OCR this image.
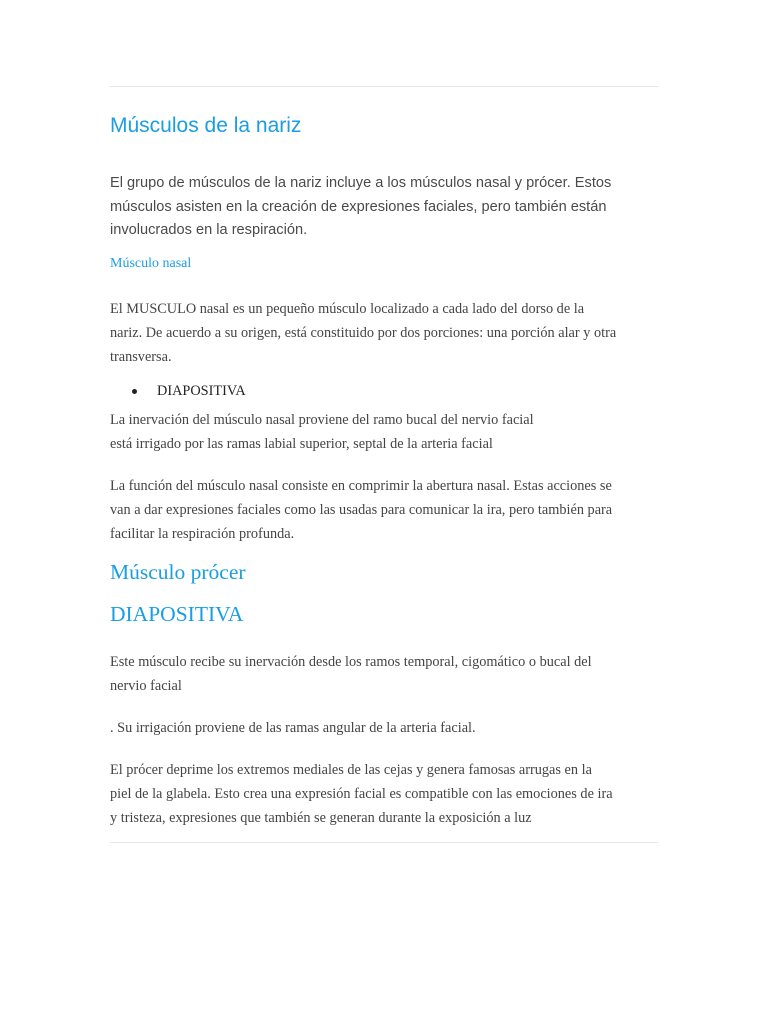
Músculos de la nariz

El grupo de músculos de la nariz incluye a los músculos nasal y prócer. Estos
músculos asisten en la creación de expresiones faciales, pero también están
involucrados en la respiración.

Músculo nasal

El MUSCULO nasal es un pequeño músculo localizado a cada lado del dorso de la
nariz. De acuerdo a su origen, está constituido por dos porciones: una porción alar y otra
transversa.

DIAPOSITIVA

La inervación del músculo nasal proviene del ramo bucal del nervio facial
está irrigado por las ramas labial superior, septal de la arteria facial

La función del músculo nasal consiste en comprimir la abertura nasal. Estas acciones se
van a dar expresiones faciales como las usadas para comunicar la ira, pero también para
facilitar la respiración profunda.

Músculo prócer
DIAPOSITIVA

Este músculo recibe su inervación desde los ramos temporal, cigomático o bucal del
nervio facial

. Su irrigación proviene de las ramas angular de la arteria facial.

El prócer deprime los extremos mediales de las cejas y genera famosas arrugas en la
piel de la glabela. Esto crea una expresión facial es compatible con las emociones de ira
y tristeza, expresiones que también se generan durante la exposición a luz
